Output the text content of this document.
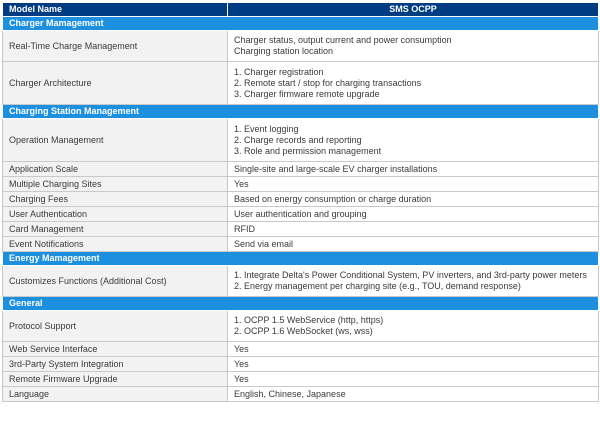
Model Name	SMS OCPP
Charger Mamagement	
Real-Time Charge Management	Charger status, output current and power consumption
Charging station location

Charger Architecture	1. Charger registration
2. Remote start / stop for charging transactions
3. Charger firmware remote upgrade

Charging Station Management	
Operation Management	1. Event logging
2. Charge records and reporting
3. Role and permission management

Application Scale	Single-site and large-scale EV charger installations
Multiple Charging Sites	Yes
Charging Fees	Based on energy consumption or charge duration
User Authentication	User authentication and grouping
Card Management	RFID
Event Notifications	Send via email
Energy Mamagement	
Customizes Functions (Additional Cost)	1. Integrate Delta's Power Conditional System, PV inverters, and 3rd-party power meters
2. Energy management per charging site (e.g., TOU, demand response)

General	
Protocol Support	1. OCPP 1.5 WebService (http, https)
2. OCPP 1.6 WebSocket (ws, wss)

Web Service Interface	Yes
3rd-Party System Integration	Yes
Remote Firmware Upgrade	Yes
Language	English, Chinese, Japanese
